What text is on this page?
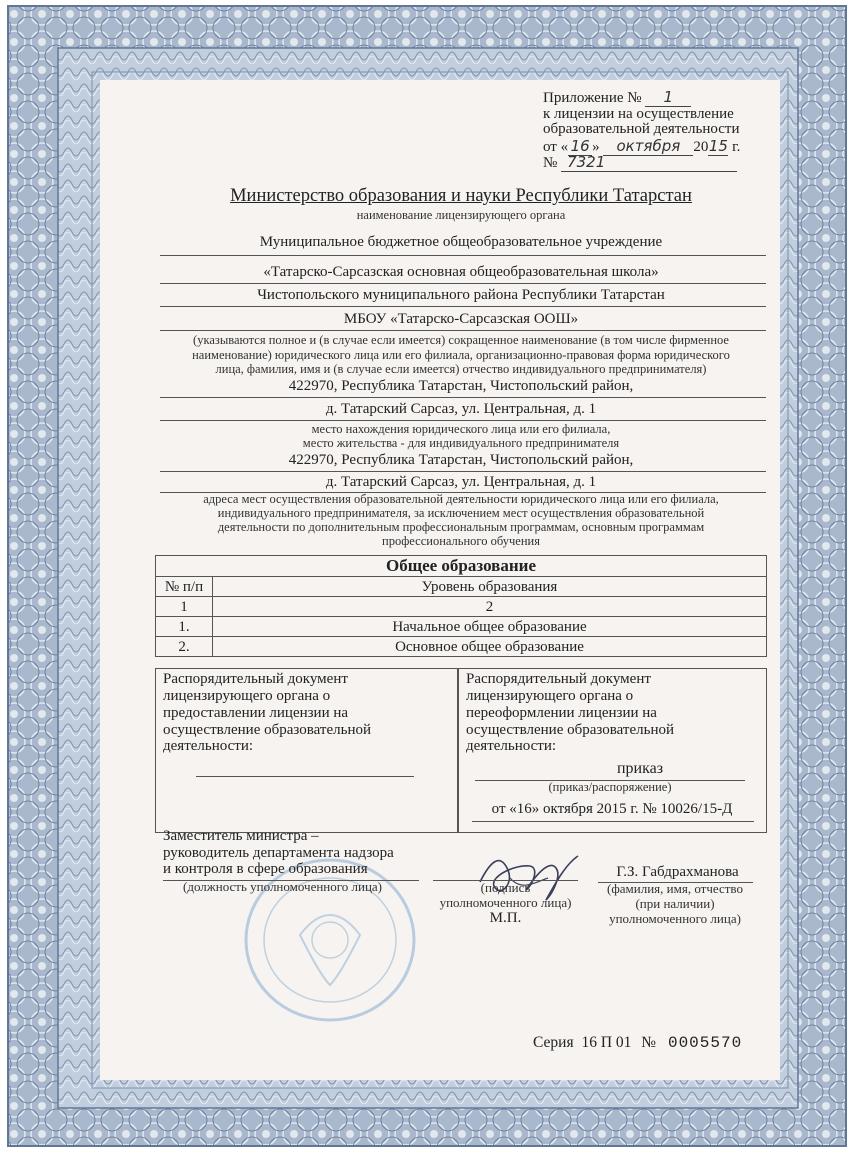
Приложение № 1
к лицензии на осуществление
образовательной деятельности
от « 16 » октября 2015 г.
№ 7321
Министерство образования и науки Республики Татарстан
наименование лицензирующего органа
Муниципальное бюджетное общеобразовательное учреждение
«Татарско-Сарсазская основная общеобразовательная школа»
Чистопольского муниципального района Республики Татарстан
МБОУ «Татарско-Сарсазская ООШ»
(указываются полное и (в случае если имеется) сокращенное наименование (в том числе фирменное
наименование) юридического лица или его филиала, организационно-правовая форма юридического
лица, фамилия, имя и (в случае если имеется) отчество индивидуального предпринимателя)
422970, Республика Татарстан, Чистопольский район,
д. Татарский Сарсаз, ул. Центральная, д. 1
место нахождения юридического лица или его филиала,
место жительства - для индивидуального предпринимателя
422970, Республика Татарстан, Чистопольский район,
д. Татарский Сарсаз, ул. Центральная, д. 1
адреса мест осуществления образовательной деятельности юридического лица или его филиала,
индивидуального предпринимателя, за исключением мест осуществления образовательной
деятельности по дополнительным профессиональным программам, основным программам
профессионального обучения
Общее образование	
№ п/п	Уровень образования
1	2
1.	Начальное общее образование
2.	Основное общее образование
Распорядительный документ
лицензирующего органа о
предоставлении лицензии на
осуществление образовательной
деятельности:
Распорядительный документ
лицензирующего органа о
переоформлении лицензии на
осуществление образовательной
деятельности:
приказ
(приказ/распоряжение)
от «16» октября 2015 г. № 10026/15-Д
Заместитель министра –
руководитель департамента надзора
и контроля в сфере образования
(должность уполномоченного лица)	(подпись
уполномоченного лица)
М.П.
Г.З. Габдрахманова
(фамилия, имя, отчество
(при наличии)
уполномоченного лица)
Серия 16 П 01 № 0005570
